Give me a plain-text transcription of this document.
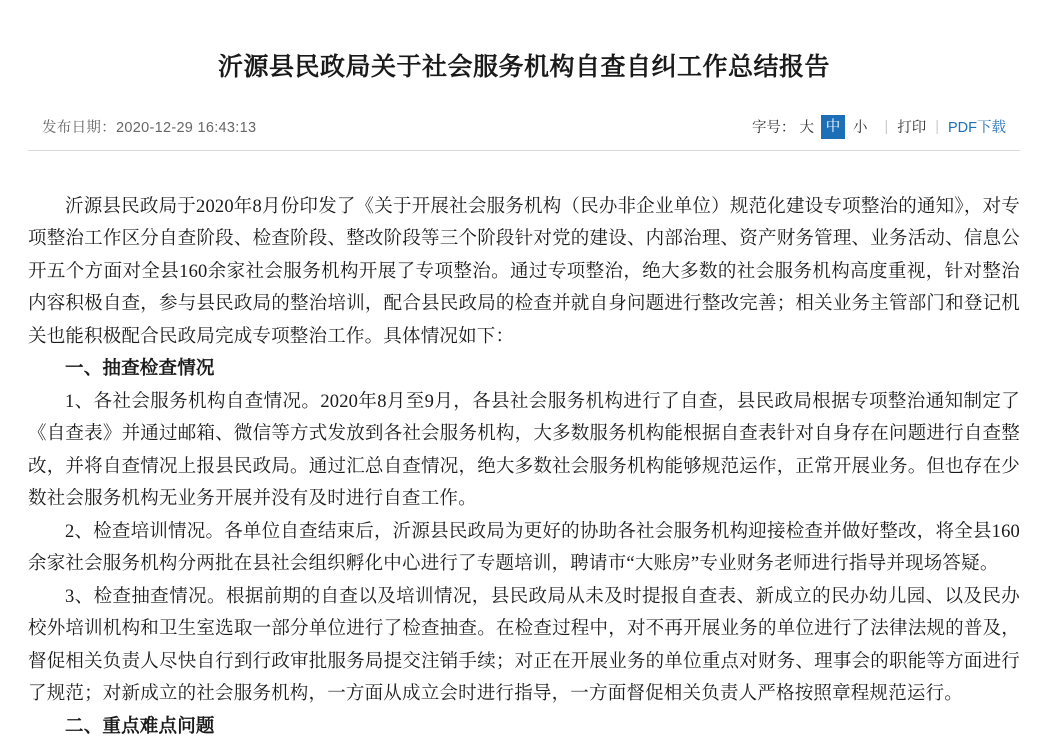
沂源县民政局关于社会服务机构自查自纠工作总结报告
发布日期：2020-12-29 16:43:13	字号： 大 中 小	| 打印 | PDF下载

沂源县民政局于2020年8月份印发了《关于开展社会服务机构（民办非企业单位）规范化建设专项整治的通知》，对专项整治工作区分自查阶段、检查阶段、整改阶段等三个阶段针对党的建设、内部治理、资产财务管理、业务活动、信息公开五个方面对全县160余家社会服务机构开展了专项整治。通过专项整治，绝大多数的社会服务机构高度重视，针对整治内容积极自查，参与县民政局的整治培训，配合县民政局的检查并就自身问题进行整改完善；相关业务主管部门和登记机关也能积极配合民政局完成专项整治工作。具体情况如下：

一、抽查检查情况

1、各社会服务机构自查情况。2020年8月至9月，各县社会服务机构进行了自查，县民政局根据专项整治通知制定了《自查表》并通过邮箱、微信等方式发放到各社会服务机构，大多数服务机构能根据自查表针对自身存在问题进行自查整改，并将自查情况上报县民政局。通过汇总自查情况，绝大多数社会服务机构能够规范运作，正常开展业务。但也存在少数社会服务机构无业务开展并没有及时进行自查工作。

2、检查培训情况。各单位自查结束后，沂源县民政局为更好的协助各社会服务机构迎接检查并做好整改，将全县160余家社会服务机构分两批在县社会组织孵化中心进行了专题培训，聘请市“大账房”专业财务老师进行指导并现场答疑。

3、检查抽查情况。根据前期的自查以及培训情况，县民政局从未及时提报自查表、新成立的民办幼儿园、以及民办校外培训机构和卫生室选取一部分单位进行了检查抽查。在检查过程中，对不再开展业务的单位进行了法律法规的普及，督促相关负责人尽快自行到行政审批服务局提交注销手续；对正在开展业务的单位重点对财务、理事会的职能等方面进行了规范；对新成立的社会服务机构，一方面从成立会时进行指导，一方面督促相关负责人严格按照章程规范运行。

二、重点难点问题
